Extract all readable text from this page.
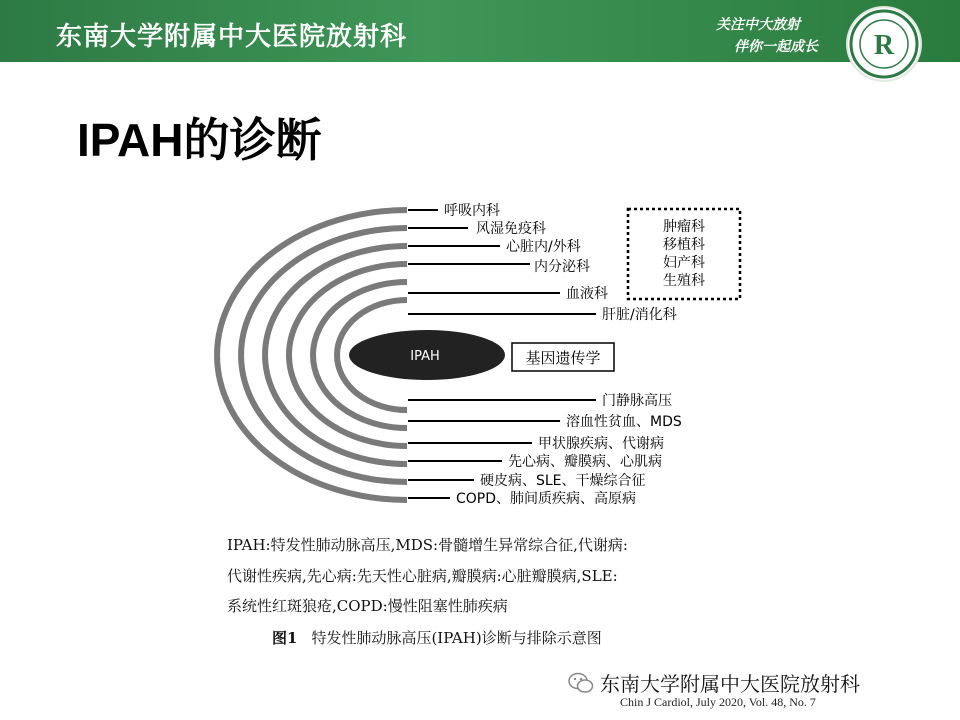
东南大学附属中大医院放射科	关注中大放射
伴你一起成长 R
IPAH的诊断
IPAH	基因遗传学
呼吸内科
风湿免疫科
心脏内/外科
内分泌科
血液科
肝脏/消化科
肿瘤科
移植科
妇产科
生殖科
门静脉高压
溶血性贫血、MDS
甲状腺疾病、代谢病
先心病、瓣膜病、心肌病
硬皮病、SLE、干燥综合征
COPD、肺间质疾病、高原病
IPAH:特发性肺动脉高压,MDS:骨髓增生异常综合征,代谢病:
代谢性疾病,先心病:先天性心脏病,瓣膜病:心脏瓣膜病,SLE:
系统性红斑狼疮,COPD:慢性阻塞性肺疾病
图1 特发性肺动脉高压(IPAH)诊断与排除示意图
东南大学附属中大医院放射科
Chin J Cardiol, July 2020, Vol. 48, No. 7
